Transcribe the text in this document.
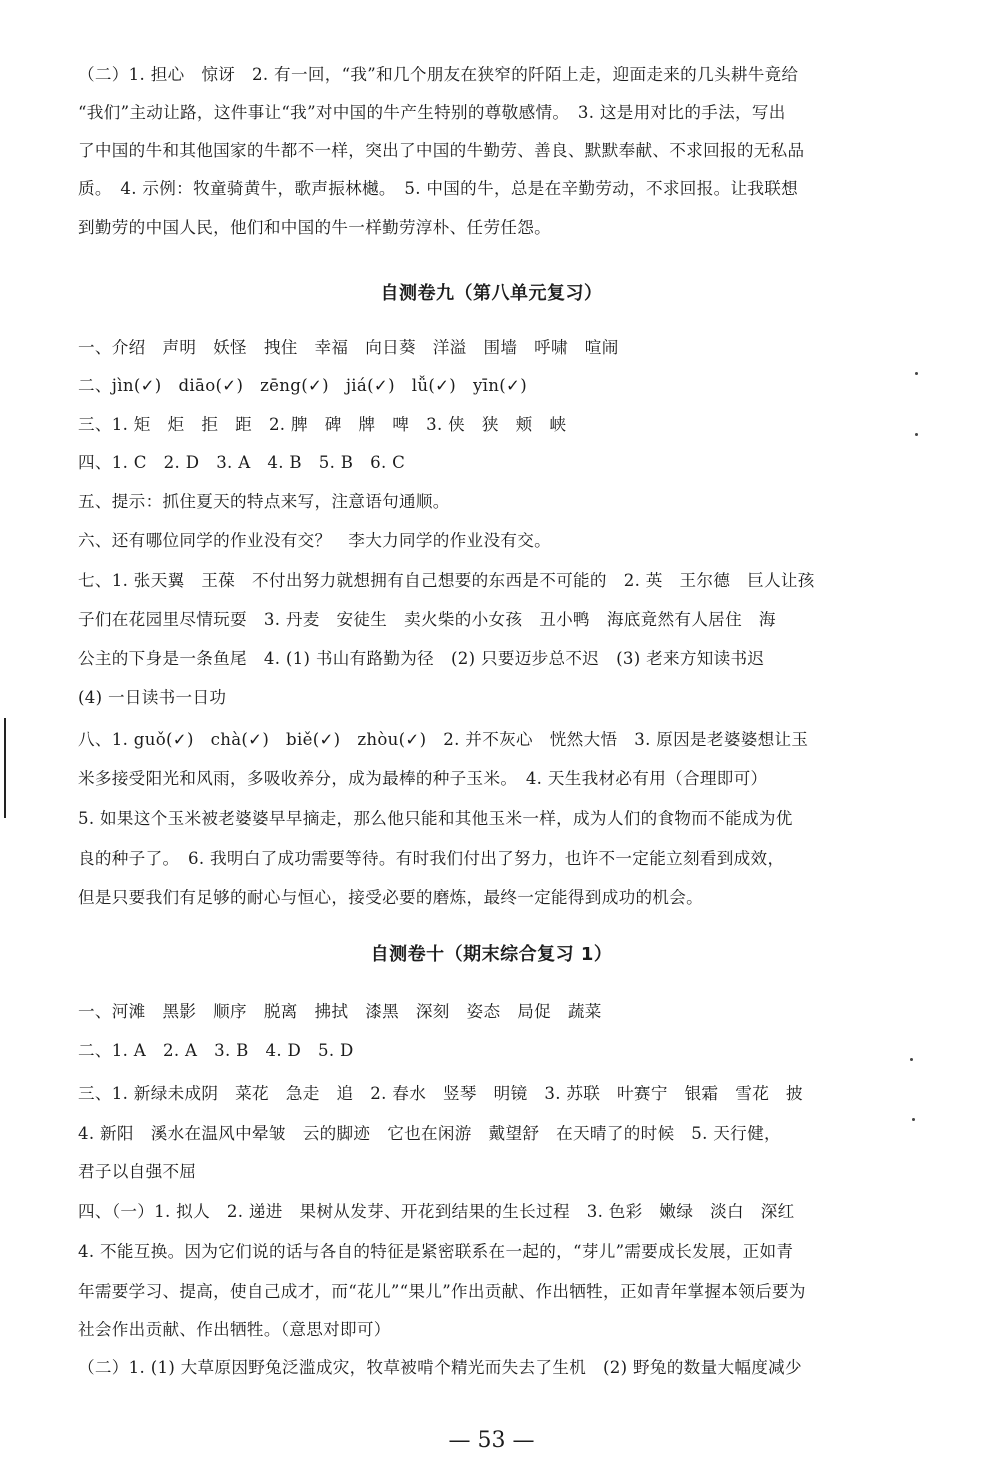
（二）1. 担心　惊讶　2. 有一回，“我”和几个朋友在狭窄的阡陌上走，迎面走来的几头耕牛竟给
“我们”主动让路，这件事让“我”对中国的牛产生特别的尊敬感情。　3. 这是用对比的手法，写出
了中国的牛和其他国家的牛都不一样，突出了中国的牛勤劳、善良、默默奉献、不求回报的无私品
质。　4. 示例：牧童骑黄牛，歌声振林樾。　5. 中国的牛，总是在辛勤劳动，不求回报。让我联想
到勤劳的中国人民，他们和中国的牛一样勤劳淳朴、任劳任怨。
自测卷九（第八单元复习）
一、介绍　声明　妖怪　拽住　幸福　向日葵　洋溢　围墙　呼啸　喧闹
二、jìn(✓)　diāo(✓)　zēng(✓)　jiá(✓)　lǚ(✓)　yīn(✓)
三、1. 矩　炬　拒　距　2. 脾　碑　牌　啤　3. 侠　狭　颊　峡
四、1. C　2. D　3. A　4. B　5. B　6. C
五、提示：抓住夏天的特点来写，注意语句通顺。
六、还有哪位同学的作业没有交？　李大力同学的作业没有交。
七、1. 张天翼　王葆　不付出努力就想拥有自己想要的东西是不可能的　2. 英　王尔德　巨人让孩
子们在花园里尽情玩耍　3. 丹麦　安徒生　卖火柴的小女孩　丑小鸭　海底竟然有人居住　海
公主的下身是一条鱼尾　4. (1) 书山有路勤为径　(2) 只要迈步总不迟　(3) 老来方知读书迟
(4) 一日读书一日功
八、1. guǒ(✓)　chà(✓)　biě(✓)　zhòu(✓)　2. 并不灰心　恍然大悟　3. 原因是老婆婆想让玉
米多接受阳光和风雨，多吸收养分，成为最棒的种子玉米。　4. 天生我材必有用（合理即可）
5. 如果这个玉米被老婆婆早早摘走，那么他只能和其他玉米一样，成为人们的食物而不能成为优
良的种子了。　6. 我明白了成功需要等待。有时我们付出了努力，也许不一定能立刻看到成效，
但是只要我们有足够的耐心与恒心，接受必要的磨炼，最终一定能得到成功的机会。
自测卷十（期末综合复习 1）
一、河滩　黑影　顺序　脱离　拂拭　漆黑　深刻　姿态　局促　蔬菜
二、1. A　2. A　3. B　4. D　5. D
三、1. 新绿未成阴　菜花　急走　追　2. 春水　竖琴　明镜　3. 苏联　叶赛宁　银霜　雪花　披
4. 新阳　溪水在温风中晕皱　云的脚迹　它也在闲游　戴望舒　在天晴了的时候　5. 天行健，
君子以自强不屈
四、（一）1. 拟人　2. 递进　果树从发芽、开花到结果的生长过程　3. 色彩　嫩绿　淡白　深红
4. 不能互换。因为它们说的话与各自的特征是紧密联系在一起的，“芽儿”需要成长发展，正如青
年需要学习、提高，使自己成才，而“花儿”“果儿”作出贡献、作出牺牲，正如青年掌握本领后要为
社会作出贡献、作出牺牲。（意思对即可）
（二）1. (1) 大草原因野兔泛滥成灾，牧草被啃个精光而失去了生机　(2) 野兔的数量大幅度减少
— 53 —
